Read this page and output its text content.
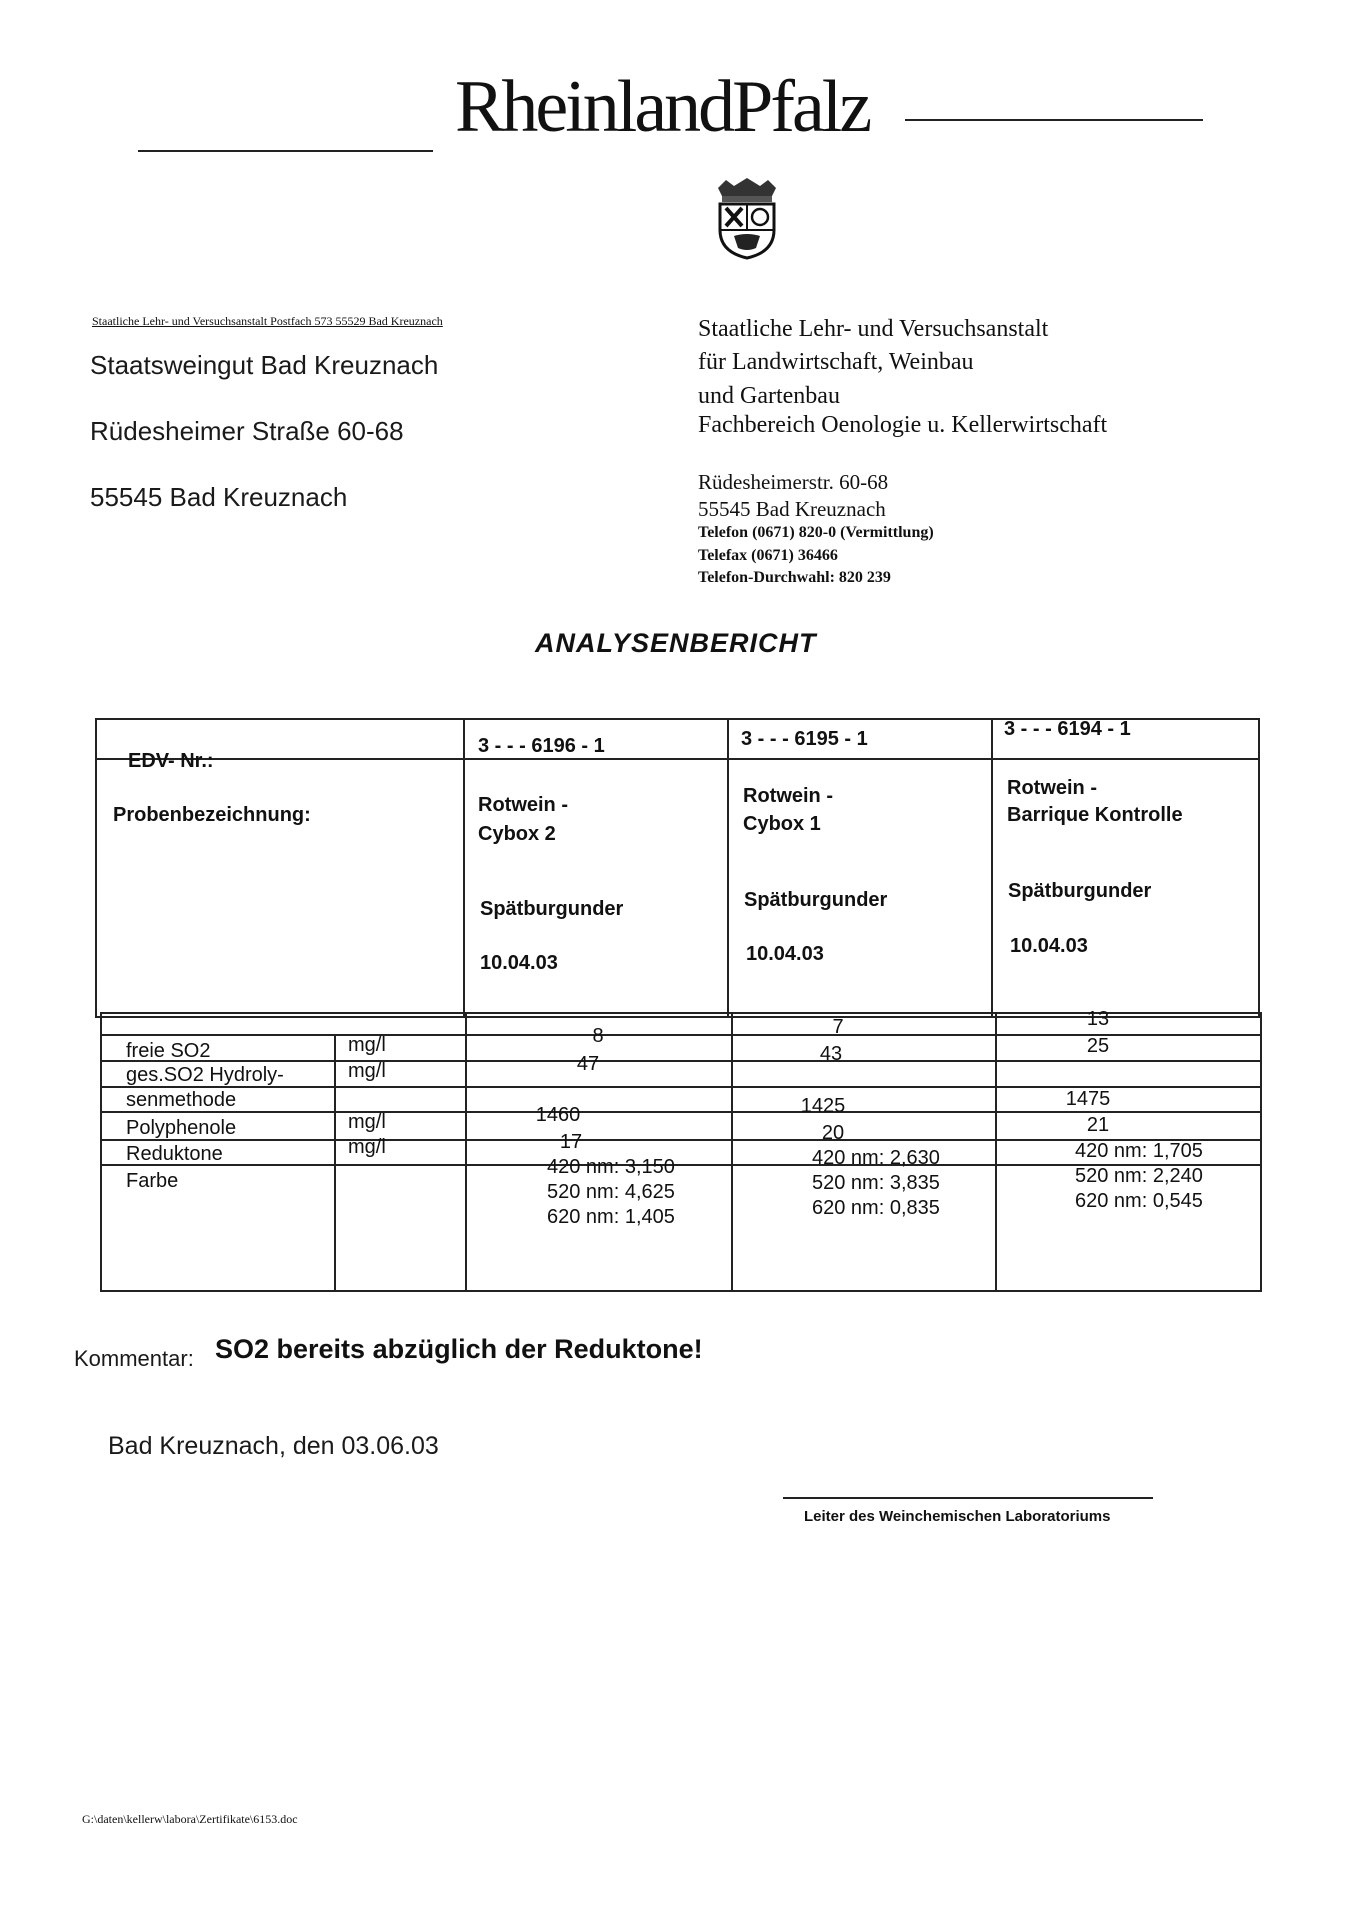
RheinlandPfalz
Staatliche Lehr- und Versuchsanstalt Postfach 573 55529 Bad Kreuznach
Staatsweingut Bad Kreuznach
Rüdesheimer Straße 60-68
55545 Bad Kreuznach
Staatliche Lehr- und Versuchsanstalt
für Landwirtschaft, Weinbau
und Gartenbau
Fachbereich Oenologie u. Kellerwirtschaft
Rüdesheimerstr. 60-68
55545 Bad Kreuznach
Telefon (0671) 820-0 (Vermittlung)
Telefax (0671) 36466
Telefon-Durchwahl: 820 239
ANALYSENBERICHT
EDV- Nr.:
Probenbezeichnung:
3 - - - 6196 - 1
Rotwein -
Cybox 2
Spätburgunder
10.04.03
3 - - - 6195 - 1
Rotwein -
Cybox 1
Spätburgunder
10.04.03
3 - - - 6194 - 1
Rotwein -
Barrique Kontrolle
Spätburgunder
10.04.03
freie SO2
ges.SO2 Hydroly-
senmethode
Polyphenole
Reduktone
Farbe
mg/l
mg/l
mg/l
mg/l
8
47
1460
17
7
43
1425
20
13
25
1475
21
420 nm: 3,150
520 nm: 4,625
620 nm: 1,405
420 nm: 2,630
520 nm: 3,835
620 nm: 0,835
420 nm: 1,705
520 nm: 2,240
620 nm: 0,545
Kommentar: SO2 bereits abzüglich der Reduktone!
Bad Kreuznach, den 03.06.03
Leiter des Weinchemischen Laboratoriums
G:\daten\kellerw\labora\Zertifikate\6153.doc
